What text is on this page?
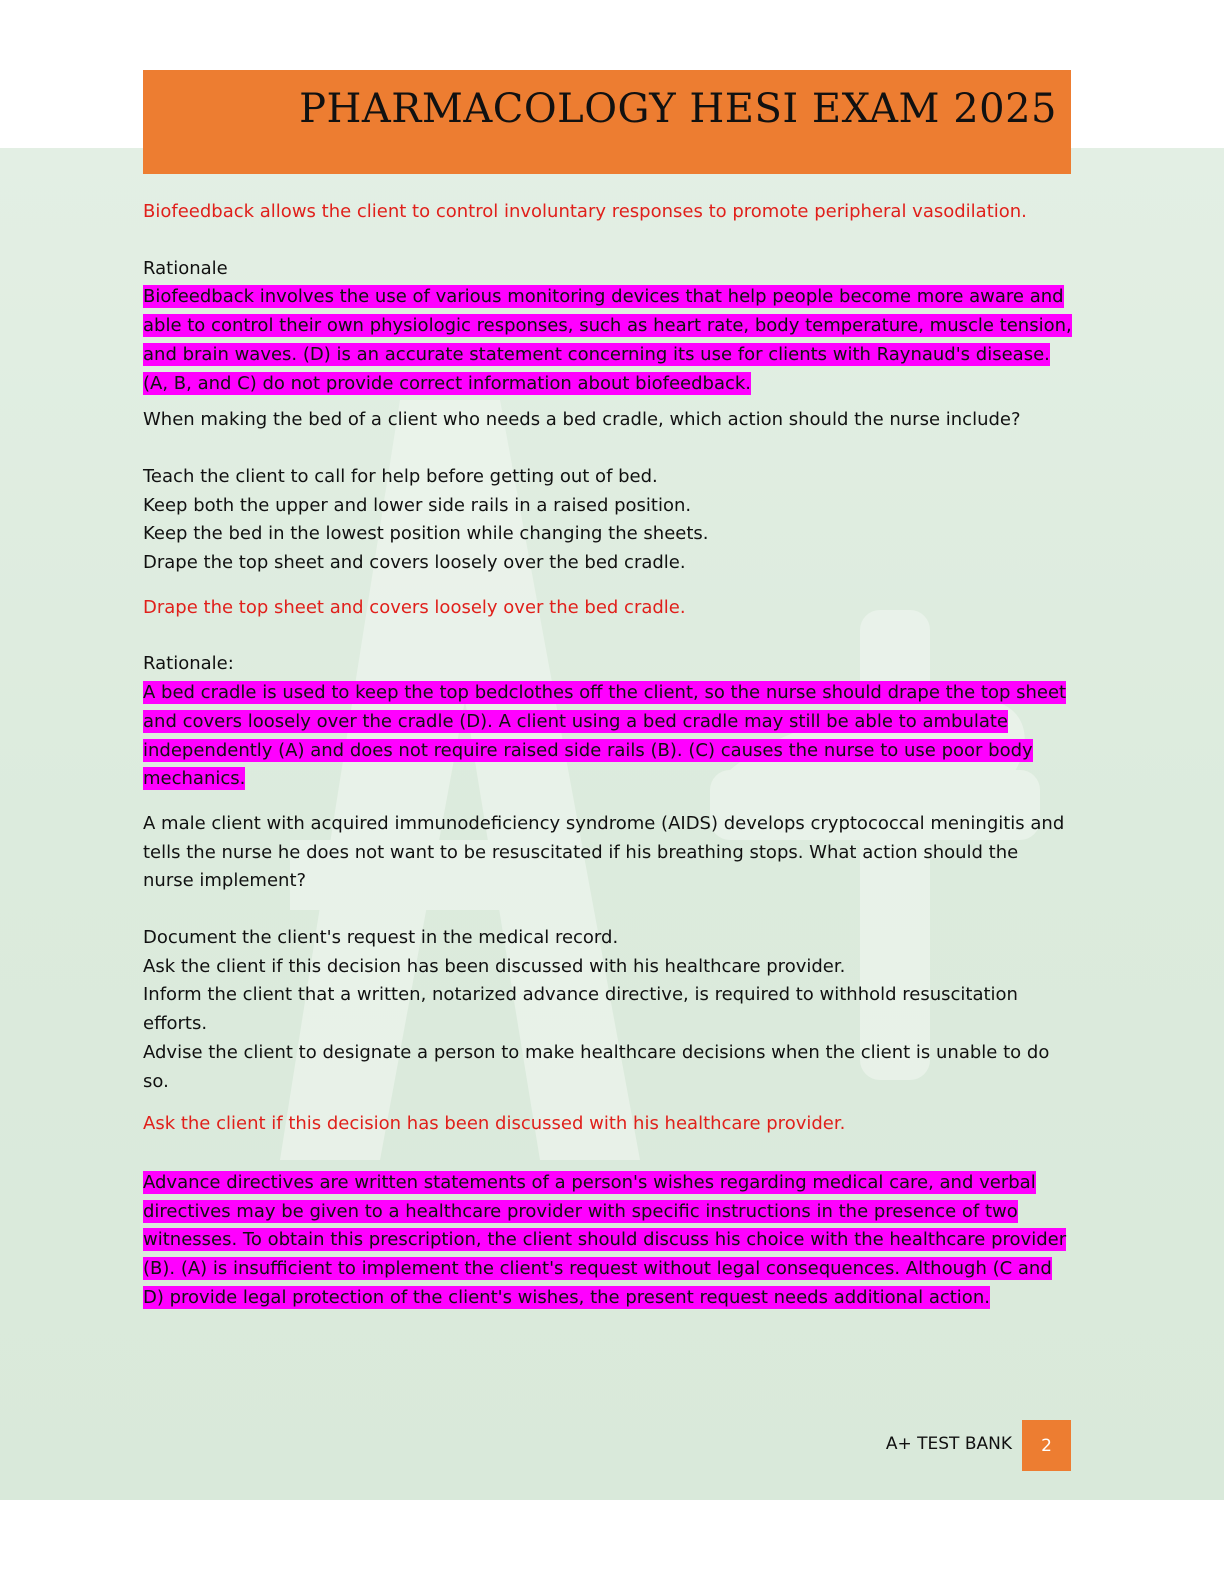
PHARMACOLOGY HESI EXAM 2025

Biofeedback allows the client to control involuntary responses to promote peripheral vasodilation.

Rationale

Biofeedback involves the use of various monitoring devices that help people become more aware and able to control their own physiologic responses, such as heart rate, body temperature, muscle tension, and brain waves. (D) is an accurate statement concerning its use for clients with Raynaud's disease. (A, B, and C) do not provide correct information about biofeedback.

When making the bed of a client who needs a bed cradle, which action should the nurse include?

Teach the client to call for help before getting out of bed.

Keep both the upper and lower side rails in a raised position.

Keep the bed in the lowest position while changing the sheets.

Drape the top sheet and covers loosely over the bed cradle.

Drape the top sheet and covers loosely over the bed cradle.

Rationale:

A bed cradle is used to keep the top bedclothes off the client, so the nurse should drape the top sheet and covers loosely over the cradle (D). A client using a bed cradle may still be able to ambulate independently (A) and does not require raised side rails (B). (C) causes the nurse to use poor body mechanics.

A male client with acquired immunodeficiency syndrome (AIDS) develops cryptococcal meningitis and tells the nurse he does not want to be resuscitated if his breathing stops. What action should the nurse implement?

Document the client's request in the medical record.

Ask the client if this decision has been discussed with his healthcare provider.

Inform the client that a written, notarized advance directive, is required to withhold resuscitation efforts.

Advise the client to designate a person to make healthcare decisions when the client is unable to do so.

Ask the client if this decision has been discussed with his healthcare provider.

Advance directives are written statements of a person's wishes regarding medical care, and verbal directives may be given to a healthcare provider with specific instructions in the presence of two witnesses. To obtain this prescription, the client should discuss his choice with the healthcare provider (B). (A) is insufficient to implement the client's request without legal consequences. Although (C and D) provide legal protection of the client's wishes, the present request needs additional action.

A+ TEST BANK	2
